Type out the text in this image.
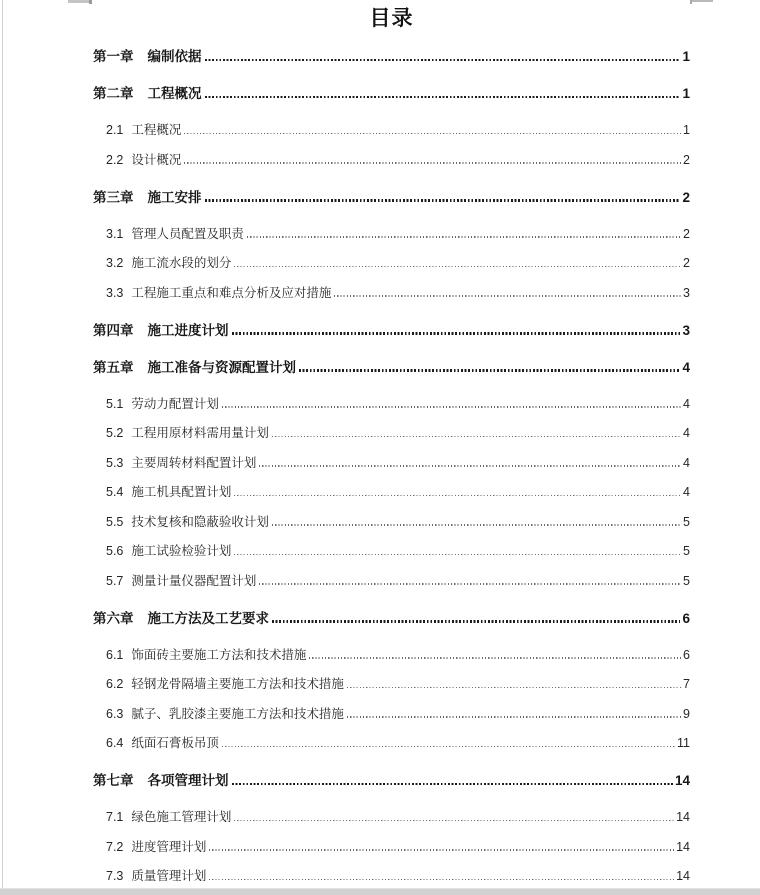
目录
第一章 编制依据	1
第二章 工程概况	1
2.1 工程概况	1
2.2 设计概况	2
第三章 施工安排	2
3.1 管理人员配置及职责	2
3.2 施工流水段的划分	2
3.3 工程施工重点和难点分析及应对措施	3
第四章 施工进度计划	3
第五章 施工准备与资源配置计划	4
5.1 劳动力配置计划	4
5.2 工程用原材料需用量计划	4
5.3 主要周转材料配置计划	4
5.4 施工机具配置计划	4
5.5 技术复核和隐蔽验收计划	5
5.6 施工试验检验计划	5
5.7 测量计量仪器配置计划	5
第六章 施工方法及工艺要求	6
6.1 饰面砖主要施工方法和技术措施	6
6.2 轻钢龙骨隔墙主要施工方法和技术措施	7
6.3 腻子、乳胶漆主要施工方法和技术措施	9
6.4 纸面石膏板吊顶	11
第七章 各项管理计划	14
7.1 绿色施工管理计划	14
7.2 进度管理计划	14
7.3 质量管理计划	14
